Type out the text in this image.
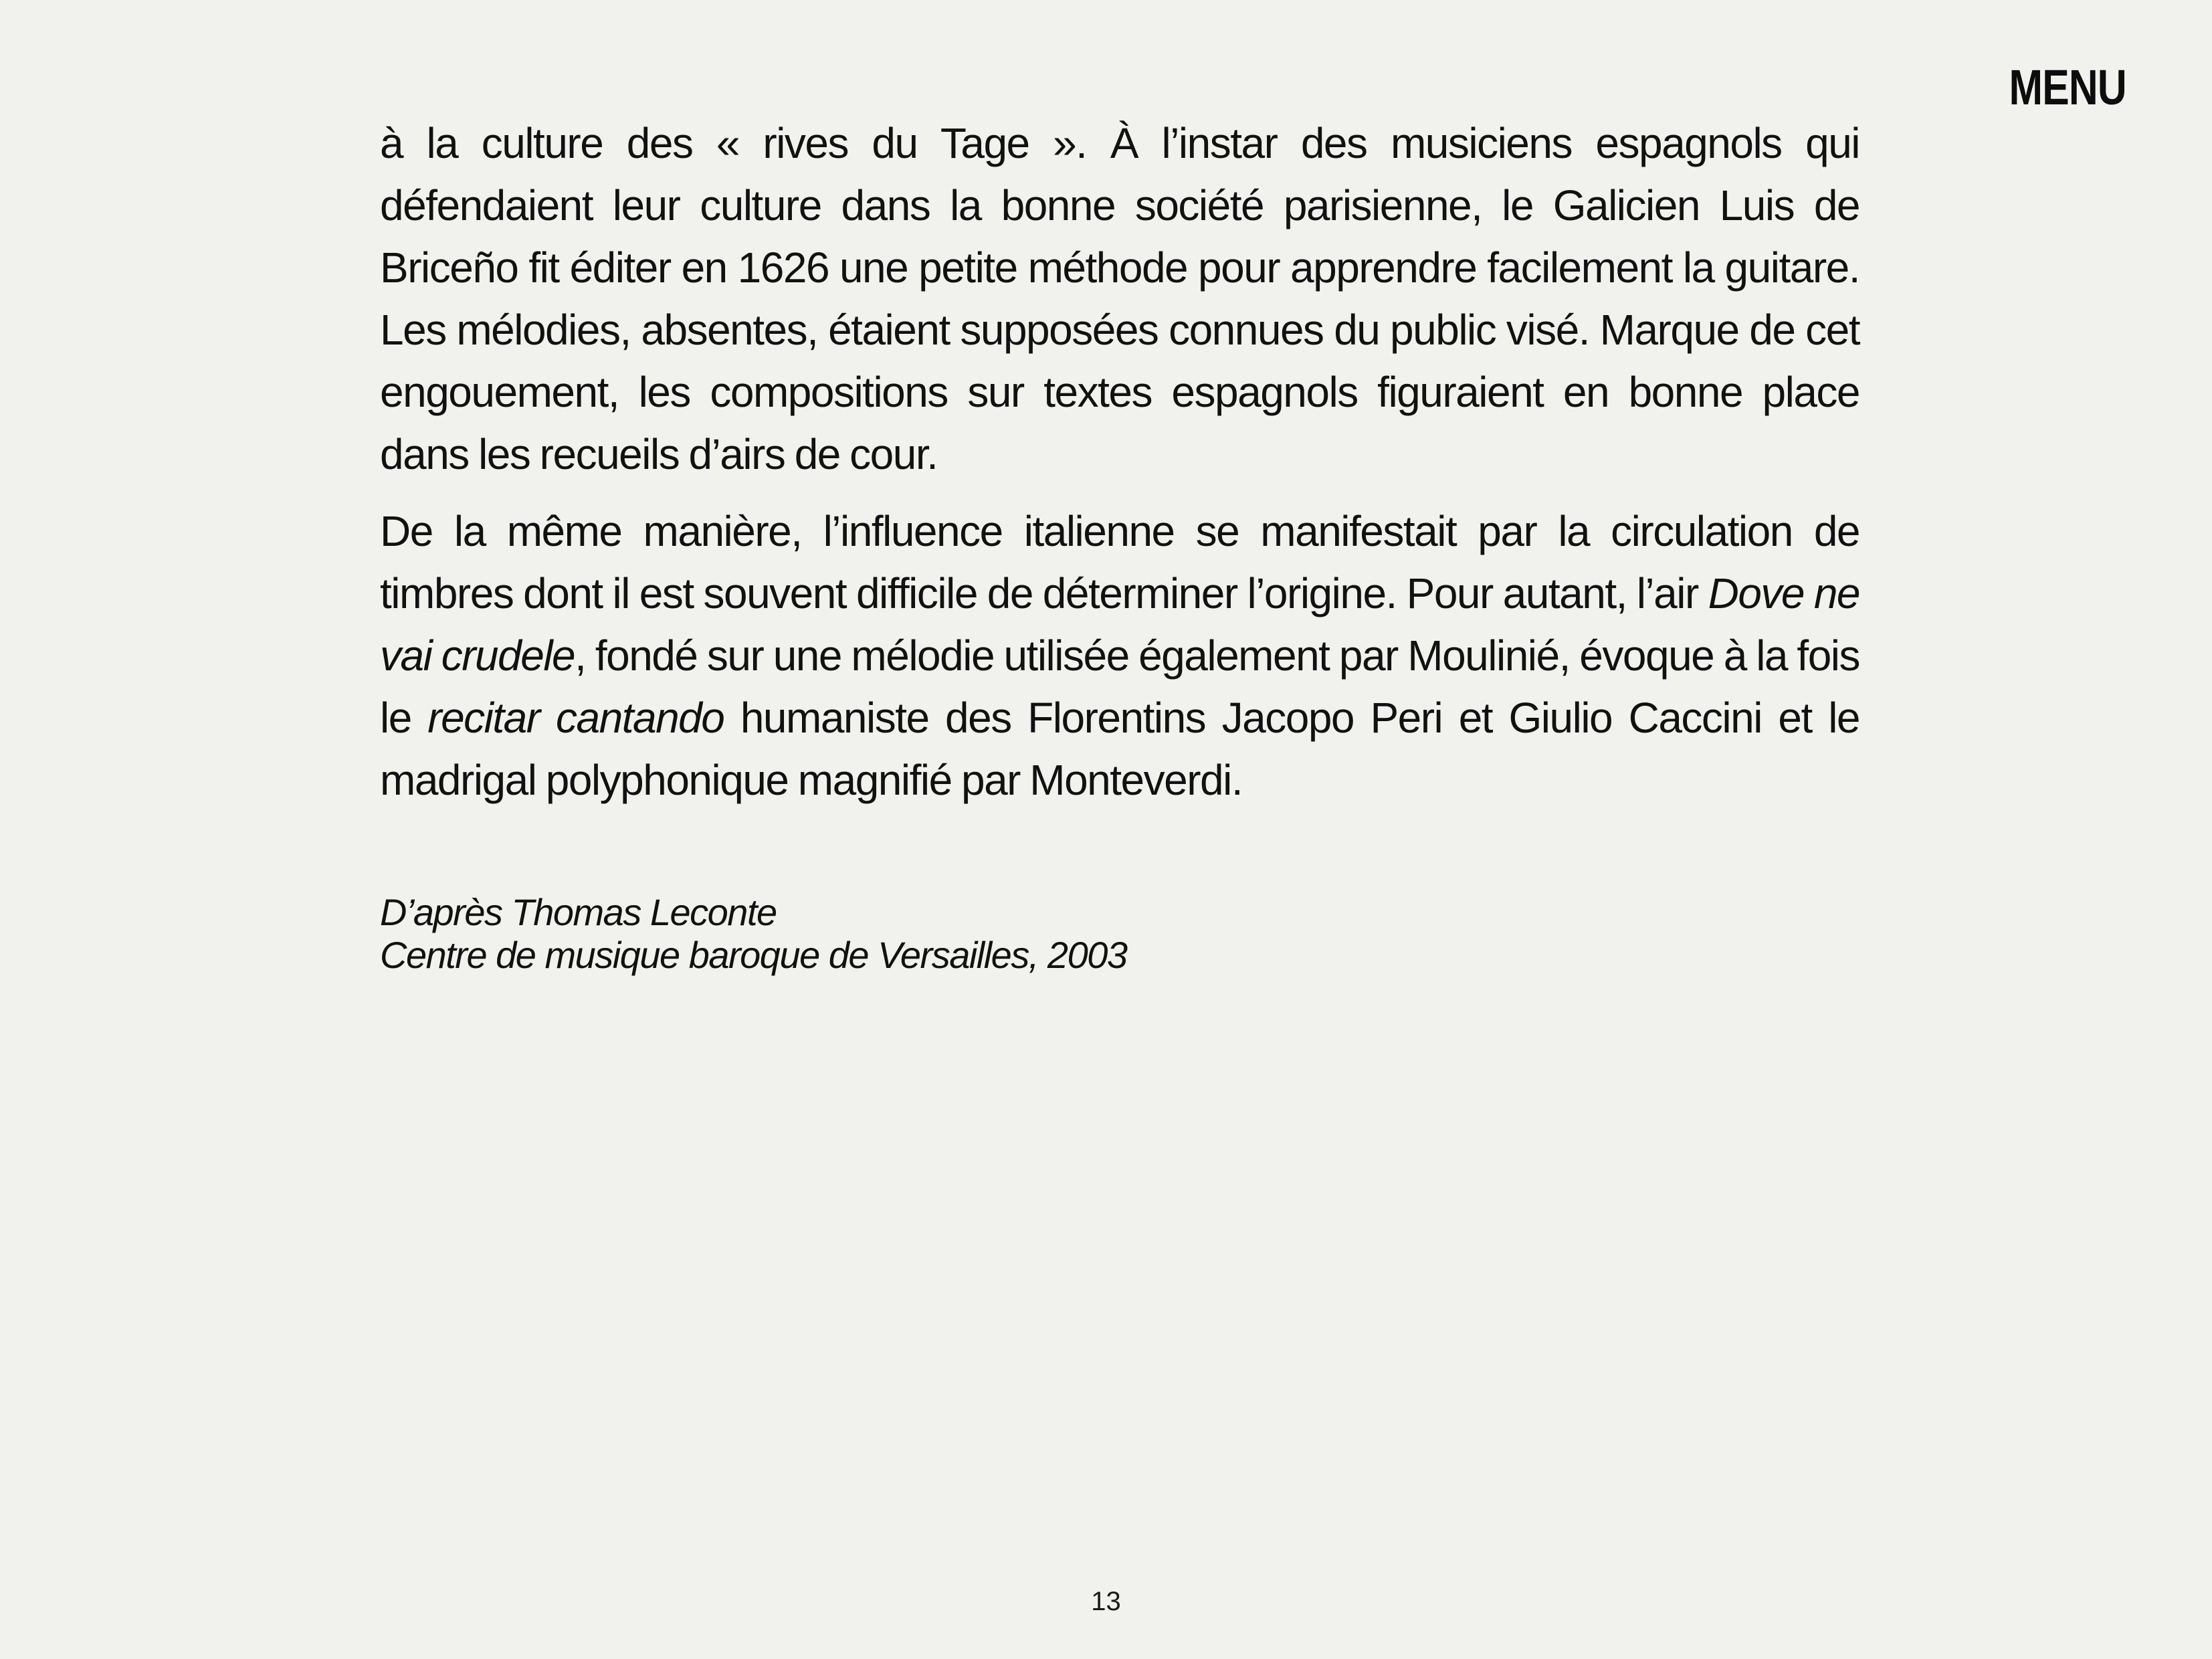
MENU

à la culture des « rives du Tage ». À l’instar des musiciens espagnols qui défendaient leur culture dans la bonne société parisienne, le Galicien Luis de Briceño fit éditer en 1626 une petite méthode pour apprendre facilement la guitare. Les mélodies, absentes, étaient supposées connues du public visé. Marque de cet engouement, les compositions sur textes espagnols figuraient en bonne place dans les recueils d’airs de cour.

De la même manière, l’influence italienne se manifestait par la circulation de timbres dont il est souvent difficile de déterminer l’origine. Pour autant, l’air Dove ne vai crudele, fondé sur une mélodie utilisée également par Moulinié, évoque à la fois le recitar cantando humaniste des Florentins Jacopo Peri et Giulio Caccini et le madrigal polyphonique magnifié par Monteverdi.

D’après Thomas Leconte
Centre de musique baroque de Versailles, 2003
13
